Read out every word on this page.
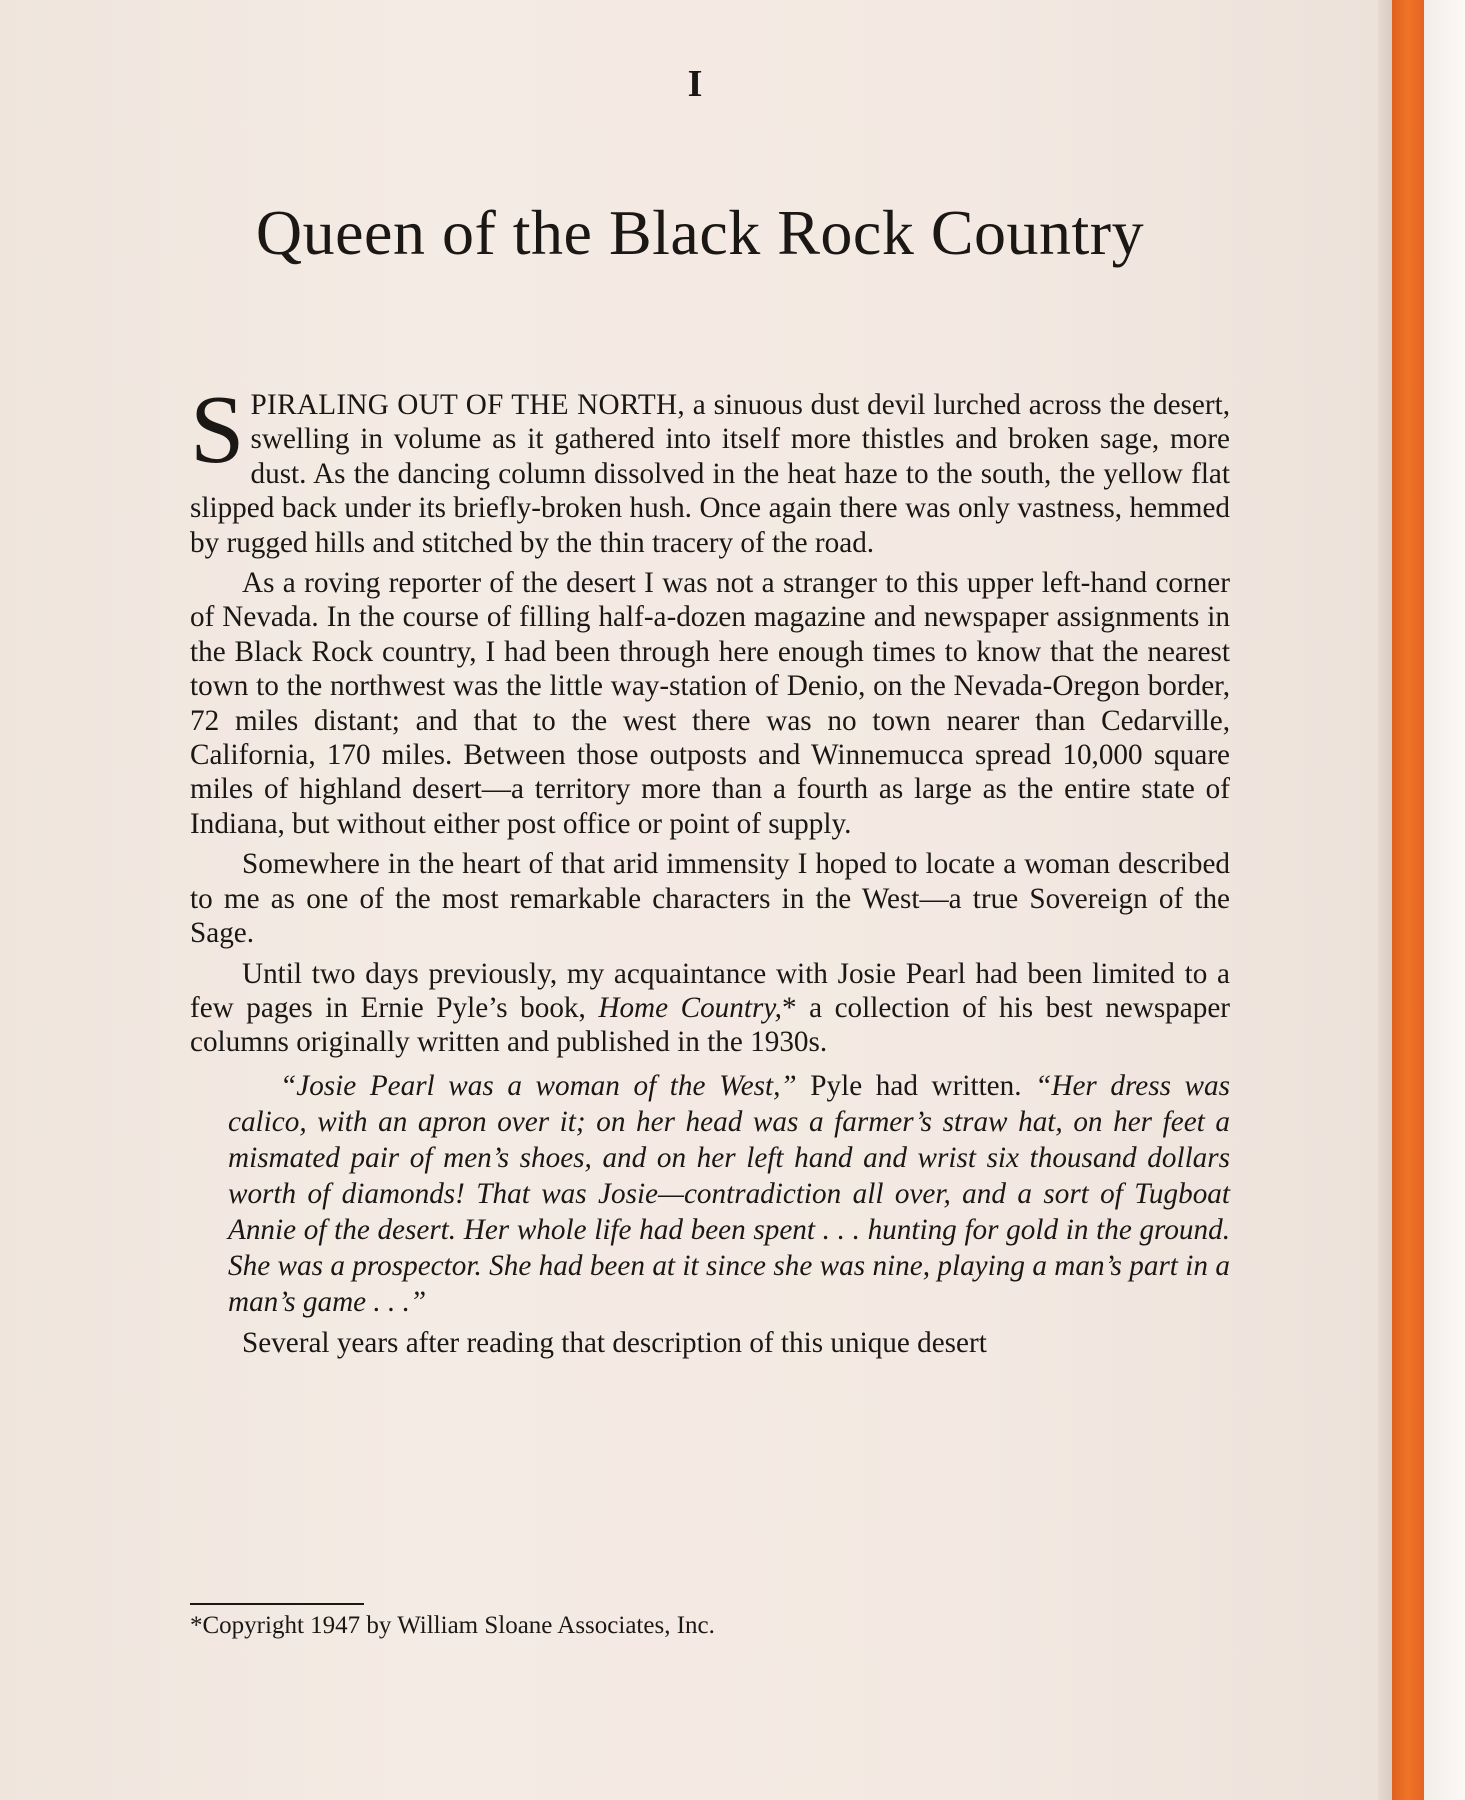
I
Queen of the Black Rock Country

SPIRALING OUT OF THE NORTH, a sinuous dust devil lurched across the desert, swelling in volume as it gathered into itself more thistles and broken sage, more dust. As the dancing column dissolved in the heat haze to the south, the yellow flat slipped back under its briefly-broken hush. Once again there was only vastness, hemmed by rugged hills and stitched by the thin tracery of the road.

As a roving reporter of the desert I was not a stranger to this upper left-hand corner of Nevada. In the course of filling half-a-dozen magazine and newspaper assignments in the Black Rock country, I had been through here enough times to know that the nearest town to the northwest was the little way-station of Denio, on the Nevada-Oregon border, 72 miles distant; and that to the west there was no town nearer than Cedarville, California, 170 miles. Between those outposts and Winnemucca spread 10,000 square miles of highland desert—a territory more than a fourth as large as the entire state of Indiana, but without either post office or point of supply.

Somewhere in the heart of that arid immensity I hoped to locate a woman described to me as one of the most remarkable characters in the West—a true Sovereign of the Sage.

Until two days previously, my acquaintance with Josie Pearl had been limited to a few pages in Ernie Pyle’s book, Home Country,* a collection of his best newspaper columns originally written and published in the 1930s.

“Josie Pearl was a woman of the West,” Pyle had written. “Her dress was calico, with an apron over it; on her head was a farmer’s straw hat, on her feet a mismated pair of men’s shoes, and on her left hand and wrist six thousand dollars worth of diamonds! That was Josie—contradiction all over, and a sort of Tugboat Annie of the desert. Her whole life had been spent . . . hunting for gold in the ground. She was a prospector. She had been at it since she was nine, playing a man’s part in a man’s game . . .”

Several years after reading that description of this unique desert

*Copyright 1947 by William Sloane Associates, Inc.
